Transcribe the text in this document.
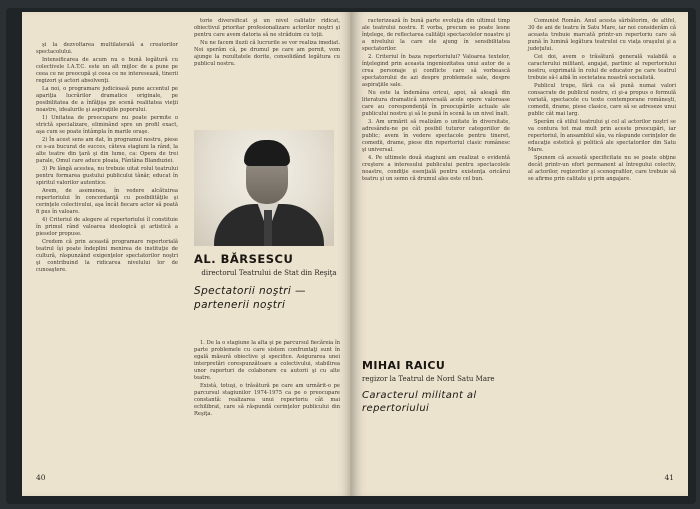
şi la dezvoltarea multilaterală a creatorilor spectacolului.

Intensificarea de acum nu o bună legătură cu colectivele I.A.T.C. este un alt mijloc de a pune pe ceea ce ne preocupă şi ceea ce ne interesează, tinerii regizori şi actori absolvenţi.

La noi, o programare judicioasă pune accentul pe apariţia lucrărilor dramatice originale, pe posibilitatea de a înfăţişa pe scenă realitatea vieţii noastre, idealurile şi aspiraţiile poporului.

1) Unitatea de preocupare nu poate permite o strictă specializare, eliminând spre un profil exact, aşa cum se poate întâmpla în marile oraşe.

2) În acest sens am dat, în programul nostru, piese ce s-au bucurat de succes, câteva stagiuni la rând, la alte teatre din ţară şi din lume, ca: Opera de trei parale, Omul care aduce ploaia, Fântâna Blanduziei.

3) Pe lângă acestea, nu trebuie uitat rolul teatrului pentru formarea gustului publicului tânăr, educat în spiritul valorilor autentice.

Avem, de asemenea, în vedere alcătuirea repertoriului în concordanţă cu posibilităţile şi cerinţele colectivului, aşa încât fiecare actor să poată fi pus în valoare.

4) Criteriul de alegere al repertoriului îl constituie în primul rând valoarea ideologică şi artistică a pieselor propuse.

Credem că prin această programare repertorială teatrul îşi poate îndeplini menirea de instituţie de cultură, răspunzând exigenţelor spectatorilor noştri şi contribuind la ridicarea nivelului lor de cunoaştere.

torie diversificat şi un nivel calitativ ridicat, obiectivul prioritar profesionalizare actorilor noştri şi pentru care avem datoria să ne străduim cu toţii.

Nu ne facem iluzii că lucrurile se vor realiza imediat. Noi sperăm că, pe drumul pe care am pornit, vom ajunge la rezultatele dorite, consolidând legătura cu publicul nostru.

AL. BĂRSESCU
directorul Teatrului de Stat din Reşiţa
Spectatorii noştri — partenerii noştri

1. De la o stagiune la alta şi pe parcursul fiecăreia în parte problemele cu care sistem confruntaţi sunt în egală măsură obiective şi specifice. Asigurarea unei interpretări corespunzătoare a colectivului, stabilirea unor raporturi de colaborare cu autorii şi cu alte teatre.

Existâ, totuşi, o trăsătură pe care am urmărit-o pe parcursul stagiunilor 1974-1975 ca pe o preocupare constantă: realizarea unui repertoriu cât mai echilibrat, care să răspundă cerinţelor publicului din Reşiţa.

40

racterizează în bună parte evoluţia din ultimul timp ale teatrului nostru. E vorba, precum se poate lesne înţelege, de reflectarea calităţii spectacolelor noastre şi a nivelului la care ele ajung în sensibilitatea spectatorilor.

2. Criteriul în baza repertoriului? Valoarea textelor, înţelegind prin aceasta ingeniozitatea unui autor de a crea personaje şi conflicte care să vorbească spectatorului de azi despre problemele sale, despre aspiraţiile sale.

Nu este la îndemâna oricui, apoi, să aleagă din literatura dramatică universală acele opere valoroase care au corespondenţă în preocupările actuale ale publicului nostru şi să le pună în scenă la un nivel înalt.

3. Am urmărit să realizăm o unitate în diversitate, adresându-ne pe cât posibil tuturor categoriilor de public; avem în vedere spectacole pentru tineret, comedii, drame, piese din repertoriul clasic românesc şi universal.

4. Pe ultimele două stagiuni am realizat o evidentă creştere a interesului publicului pentru spectacolele noastre, condiţie esenţială pentru existenţa oricărui teatru şi un semn că drumul ales este cel bun.

MIHAI RAICU
regizor la Teatrul de Nord Satu Mare
Caracterul militant al repertoriului

Comunist Român. Anul acesta sărbătorim, de altfel, 30 de ani de teatru în Satu Mare, iar noi considerăm că aceasta trebuie marcată printr-un repertoriu care să pună în lumină legătura teatrului cu viaţa oraşului şi a judeţului.

Cei doi, avem o trăsătură generală valabilă a caracterului militant, angajat, partinic al repertoriului nostru, exprimată în rolul de educator pe care teatrul trebuie să-l aibă în societatea noastră socialistă.

Publicul trupe, fără ca să pună numai valori consacrate de publicul nostru, ci şi-a propus o formulă variată, spectacole cu texte contemporane româneşti, comedii, drame, piese clasice, care să se adreseze unui public cât mai larg.

Sperăm că stilul teatrului şi cel al actorilor noştri se va contura tot mai mult prin aceste preocupări, iar repertoriul, în ansamblul său, va răspunde cerinţelor de educaţie estetică şi politică ale spectatorilor din Satu Mare.

Spunem că această specificitate nu se poate obţine decât printr-un efort permanent al întregului colectiv, al actorilor, regizorilor şi scenografilor, care trebuie să se afirme prin calitate şi prin angajare.

41
